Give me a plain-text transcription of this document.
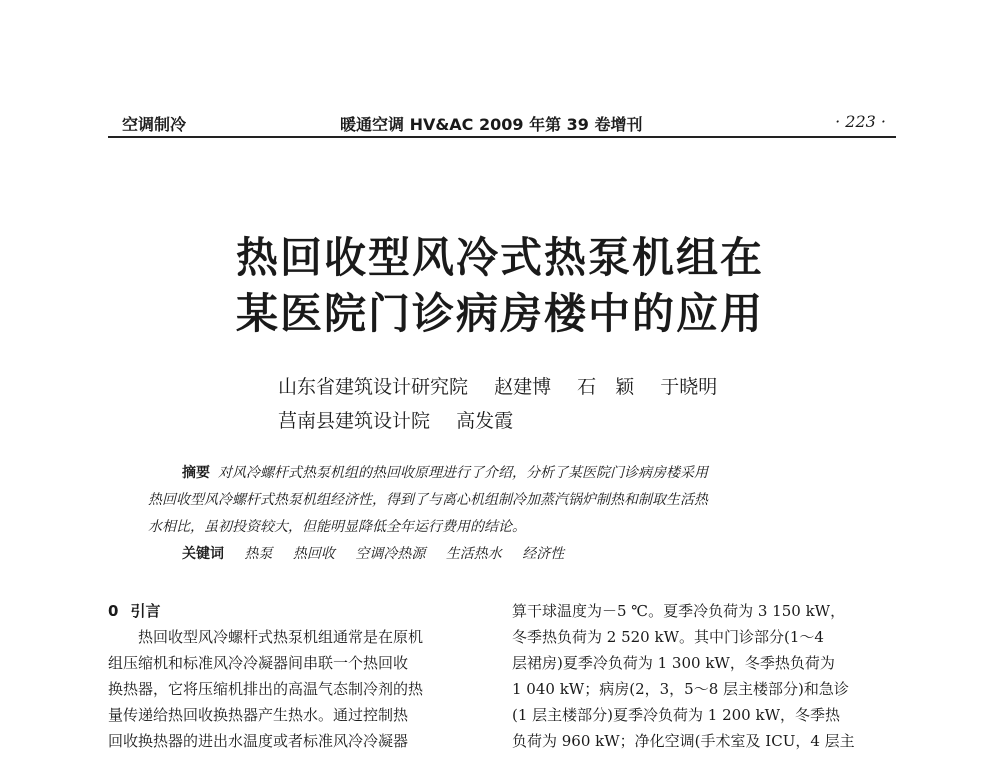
空调制冷	暖通空调 HV&AC 2009 年第 39 卷增刊	· 223 ·
热回收型风冷式热泵机组在
某医院门诊病房楼中的应用
山东省建筑设计研究院 赵建博 石　颖 于晓明
莒南县建筑设计院 高发霞

摘要 对风冷螺杆式热泵机组的热回收原理进行了介绍，分析了某医院门诊病房楼采用

热回收型风冷螺杆式热泵机组经济性，得到了与离心机组制冷加蒸汽锅炉制热和制取生活热

水相比，虽初投资较大，但能明显降低全年运行费用的结论。

关键词 热泵 热回收 空调冷热源 生活热水 经济性

0 引言

　　热回收型风冷螺杆式热泵机组通常是在原机

组压缩机和标准风冷冷凝器间串联一个热回收

换热器，它将压缩机排出的高温气态制冷剂的热

量传递给热回收换热器产生热水。通过控制热

回收换热器的进出水温度或者标准风冷冷凝器

算干球温度为－5 ℃。夏季冷负荷为 3 150 kW，

冬季热负荷为 2 520 kW。其中门诊部分(1～4

层裙房)夏季冷负荷为 1 300 kW，冬季热负荷为

1 040 kW；病房(2，3，5～8 层主楼部分)和急诊

(1 层主楼部分)夏季冷负荷为 1 200 kW，冬季热

负荷为 960 kW；净化空调(手术室及 ICU，4 层主
